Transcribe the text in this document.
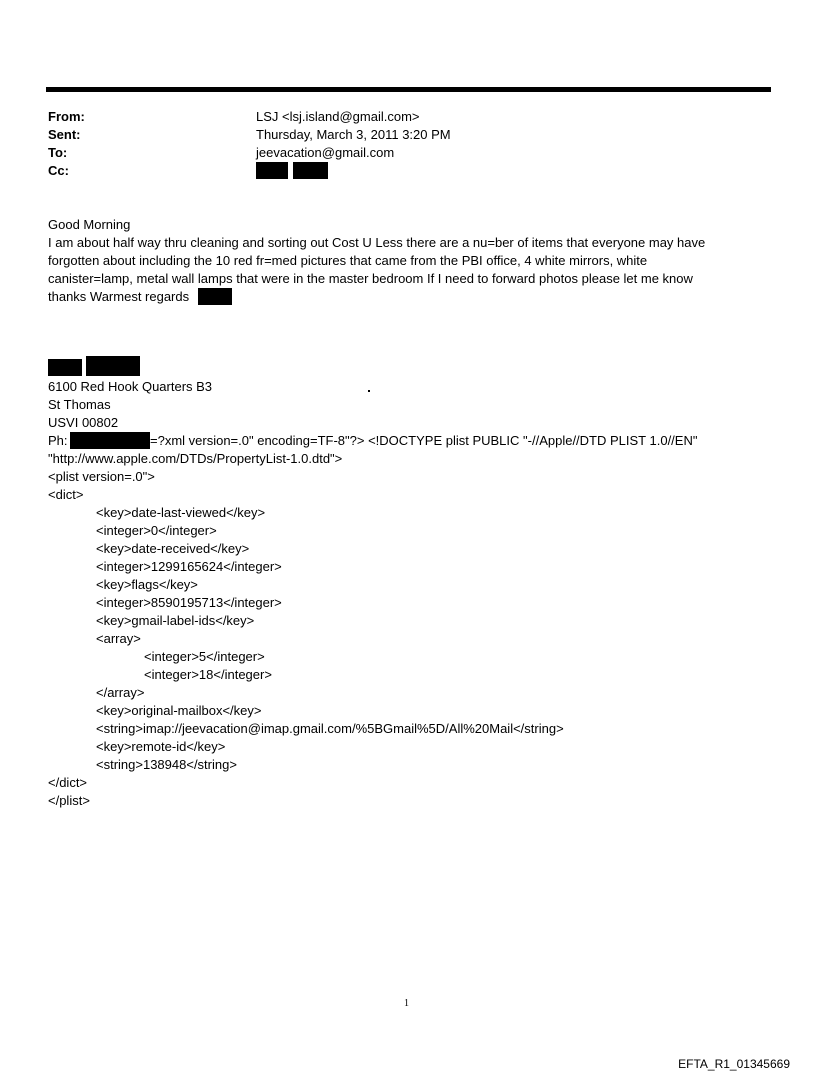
From:	LSJ <lsj.island@gmail.com>
Sent:	Thursday, March 3, 2011 3:20 PM
To:	jeevacation@gmail.com
Cc:
Good Morning
I am about half way thru cleaning and sorting out Cost U Less there are a nu=ber of items that everyone may have
forgotten about including the 10 red fr=med pictures that came from the PBI office, 4 white mirrors, white
canister=lamp, metal wall lamps that were in the master bedroom If I need to forward photos please let me know
thanks Warmest regards
6100 Red Hook Quarters B3
St Thomas
USVI 00802
Ph:	=?xml version=.0" encoding=TF-8"?> <!DOCTYPE plist PUBLIC "-//Apple//DTD PLIST 1.0//EN"
"http://www.apple.com/DTDs/PropertyList-1.0.dtd">
<plist version=.0">
<dict>
<key>date-last-viewed</key>
<integer>0</integer>
<key>date-received</key>
<integer>1299165624</integer>
<key>flags</key>
<integer>8590195713</integer>
<key>gmail-label-ids</key>
<array>
<integer>5</integer>
<integer>18</integer>
</array>
<key>original-mailbox</key>
<string>imap://jeevacation@imap.gmail.com/%5BGmail%5D/All%20Mail</string>
<key>remote-id</key>
<string>138948</string>
</dict>
</plist>
1
EFTA_R1_01345669
